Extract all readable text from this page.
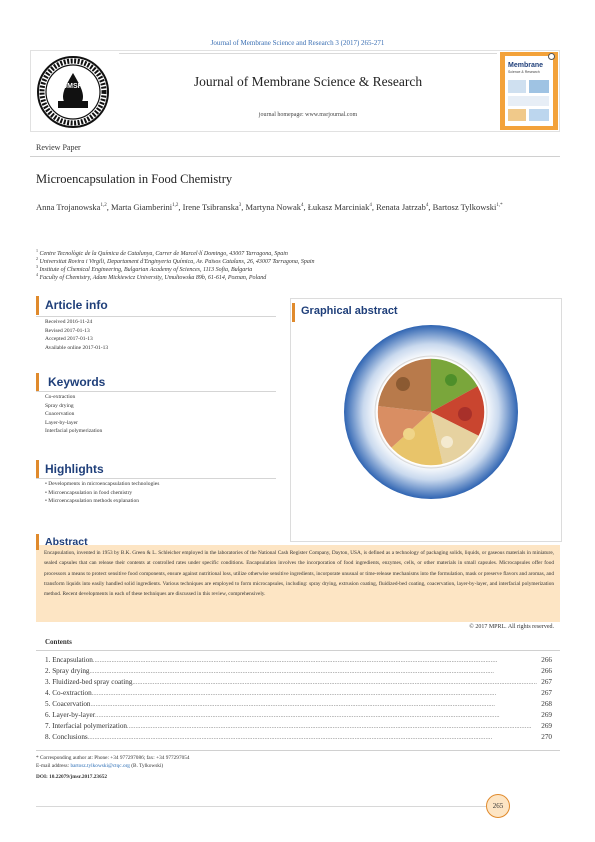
Journal of Membrane Science and Research 3 (2017) 265-271
JMSR	Journal of Membrane Science & Research
journal homepage: www.msrjournal.com
Membrane
Science & Research
Review Paper
Microencapsulation in Food Chemistry
Anna Trojanowska$^{1,2}$, Marta Giamberini$^{1,2}$, Irene Tsibranska$^3$, Martyna Nowak$^4$, Łukasz Marciniak$^4$, Renata Jatrzab$^4$, Bartosz Tylkowski$^{1,*}$
$^1$ Centre Tecnològic de la Química de Catalunya, Carrer de Marcel·lí Domingo, 43007 Tarragona, Spain
$^2$ Universitat Rovira i Virgili, Departament d'Enginyeria Química, Av. Països Catalans, 26, 43007 Tarragona, Spain
$^3$ Institute of Chemical Engineering, Bulgarian Academy of Sciences, 1113 Sofia, Bulgaria
$^4$ Faculty of Chemistry, Adam Mickiewicz University, Umultowska 89b, 61-614, Poznan, Poland
Article info
Received 2016-11-24
Revised 2017-01-13
Accepted 2017-01-13
Available online 2017-01-13
Keywords
Co-extraction
Spray drying
Coacervation
Layer-by-layer
Interfacial polymerization
Highlights
• Developments in microencapsulation technologies
• Microencapsulation in food chemistry
• Microencapsulation methods explanation
Graphical abstract
Abstract
Encapsulation, invented in 1953 by B.K. Green & L. Schleicher employed in the laboratories of the National Cash Register Company, Dayton, USA, is defined as a technology of packaging solids, liquids, or gaseous materials in miniature, sealed capsules that can release their contents at controlled rates under specific conditions. Encapsulation involves the incorporation of food ingredients, enzymes, cells, or other materials in small capsules. Microcapsules offer food processors a means to protect sensitive food components, ensure against nutritional loss, utilize otherwise sensitive ingredients, incorporate unusual or time-release mechanisms into the formulation, mask or preserve flavors and aromas, and transform liquids into easily handled solid ingredients. Various techniques are employed to form microcapsules, including: spray drying, extrusion coating, fluidized-bed coating, coacervation, layer-by-layer, and interfacial polymerization method. Recent developments in each of these techniques are discussed in this review, comprehensively.
© 2017 MPRL. All rights reserved.
Contents
1. Encapsulation ..............................................................................................................................................................................................................................................	266
2. Spray drying ..............................................................................................................................................................................................................................................	266
3. Fluidized-bed spray coating .............................................................................................................................................................................................................................................. 267
4. Co-extraction ..............................................................................................................................................................................................................................................	267
5. Coacervation ..............................................................................................................................................................................................................................................	268
6. Layer-by-layer ..............................................................................................................................................................................................................................................	269
7. Interfacial polymerization ..............................................................................................................................................................................................................................................	269
8. Conclusions ..............................................................................................................................................................................................................................................	270
* Corresponding author at: Phone: +34 977297086; fax: +34 977297054
E-mail address: bartosz.tylkowski@ctqc.org (B. Tylkowski)
DOI: 10.22079/jmsr.2017.23652
265
